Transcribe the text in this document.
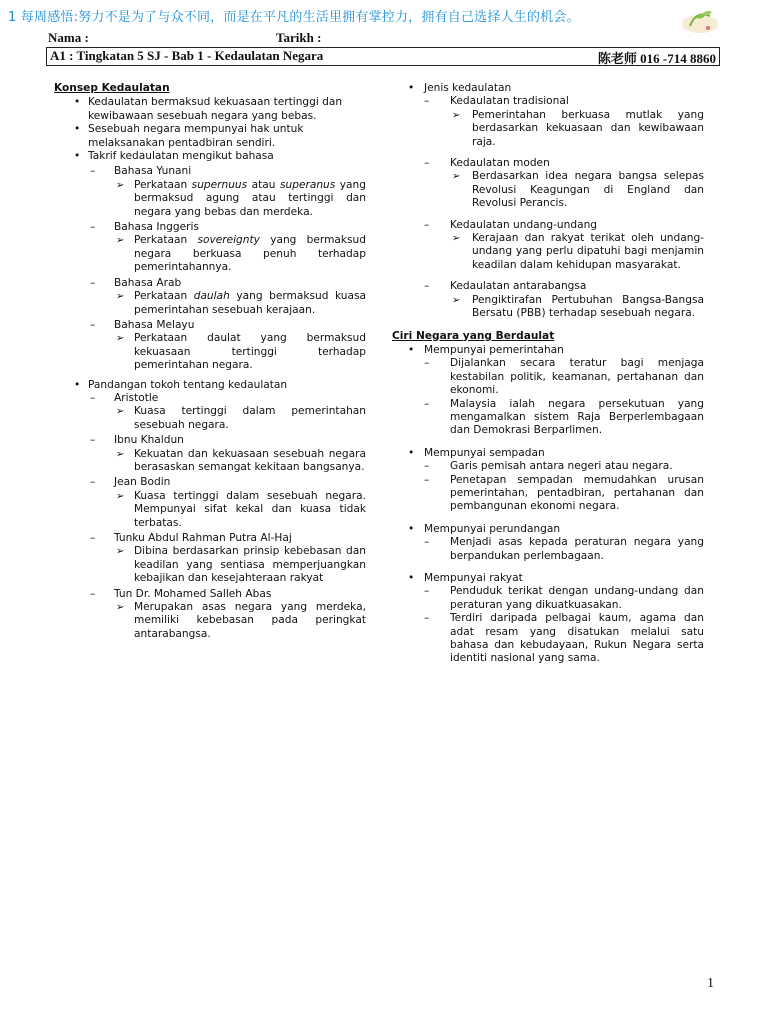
1 每周感悟:努力不是为了与众不同，而是在平凡的生活里拥有掌控力，拥有自己选择人生的机会。
Nama :	Tarikh :
A1 : Tingkatan 5 SJ - Bab 1 - Kedaulatan Negara	陈老师 016 -714 8860
Konsep Kedaulatan

• Kedaulatan bermaksud kekuasaan tertinggi dan kewibawaan sesebuah negara yang bebas.

• Sesebuah negara mempunyai hak untuk melaksanakan pentadbiran sendiri.

• Takrif kedaulatan mengikut bahasa

– Bahasa Yunani

➢ Perkataan supernuus atau superanus yang bermaksud agung atau tertinggi dan negara yang bebas dan merdeka.

– Bahasa Inggeris

➢ Perkataan sovereignty yang bermaksud negara berkuasa penuh terhadap pemerintahannya.

– Bahasa Arab

➢ Perkataan daulah yang bermaksud kuasa pemerintahan sesebuah kerajaan.

– Bahasa Melayu

➢ Perkataan daulat yang bermaksud kekuasaan tertinggi terhadap pemerintahan negara.

• Pandangan tokoh tentang kedaulatan

– Aristotle

➢ Kuasa tertinggi dalam pemerintahan sesebuah negara.

– Ibnu Khaldun

➢ Kekuatan dan kekuasaan sesebuah negara berasaskan semangat kekitaan bangsanya.

– Jean Bodin

➢ Kuasa tertinggi dalam sesebuah negara. Mempunyai sifat kekal dan kuasa tidak terbatas.

– Tunku Abdul Rahman Putra Al-Haj

➢ Dibina berdasarkan prinsip kebebasan dan keadilan yang sentiasa memperjuangkan kebajikan dan kesejahteraan rakyat

– Tun Dr. Mohamed Salleh Abas

➢ Merupakan asas negara yang merdeka, memiliki kebebasan pada peringkat antarabangsa.

• Jenis kedaulatan

– Kedaulatan tradisional

➢ Pemerintahan berkuasa mutlak yang berdasarkan kekuasaan dan kewibawaan raja.

– Kedaulatan moden

➢ Berdasarkan idea negara bangsa selepas Revolusi Keagungan di England dan Revolusi Perancis.

– Kedaulatan undang-undang

➢ Kerajaan dan rakyat terikat oleh undang-undang yang perlu dipatuhi bagi menjamin keadilan dalam kehidupan masyarakat.

– Kedaulatan antarabangsa

➢ Pengiktirafan Pertubuhan Bangsa-Bangsa Bersatu (PBB) terhadap sesebuah negara.

Ciri Negara yang Berdaulat

• Mempunyai pemerintahan

– Dijalankan secara teratur bagi menjaga kestabilan politik, keamanan, pertahanan dan ekonomi.

– Malaysia ialah negara persekutuan yang mengamalkan sistem Raja Berperlembagaan dan Demokrasi Berparlimen.

• Mempunyai sempadan

– Garis pemisah antara negeri atau negara.

– Penetapan sempadan memudahkan urusan pemerintahan, pentadbiran, pertahanan dan pembangunan ekonomi negara.

• Mempunyai perundangan

– Menjadi asas kepada peraturan negara yang berpandukan perlembagaan.

• Mempunyai rakyat

– Penduduk terikat dengan undang-undang dan peraturan yang dikuatkuasakan.

– Terdiri daripada pelbagai kaum, agama dan adat resam yang disatukan melalui satu bahasa dan kebudayaan, Rukun Negara serta identiti nasional yang sama.

1
